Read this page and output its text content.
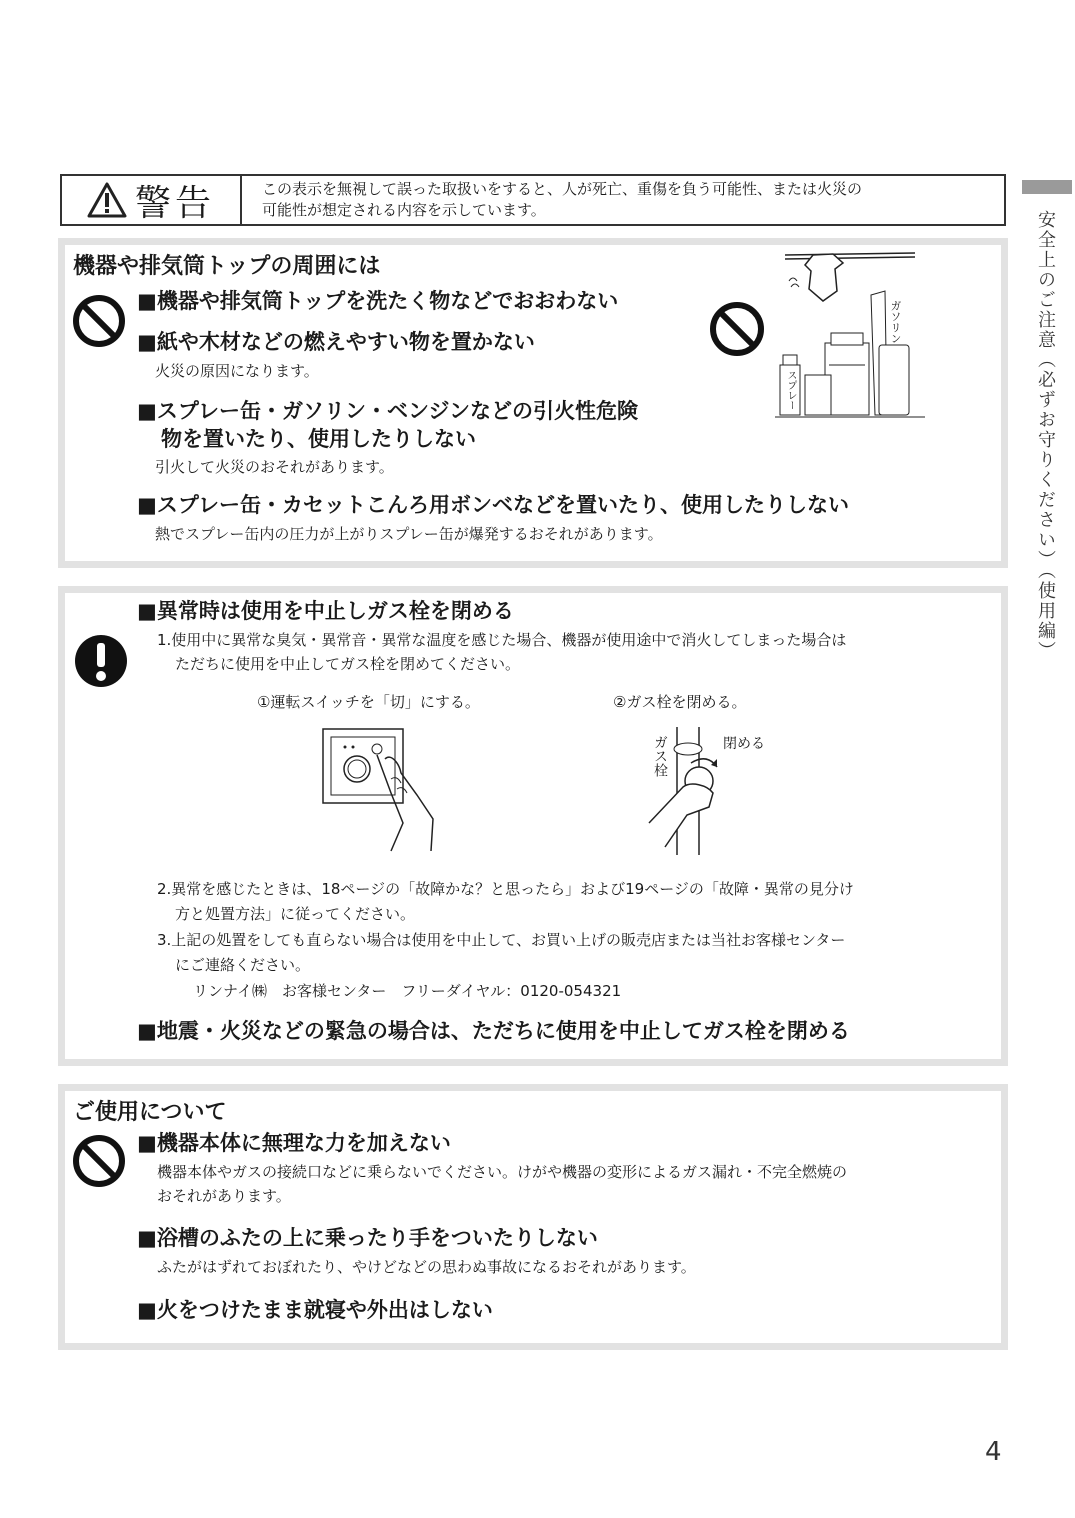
安全上のご注意（必ずお守りください）（使用編）
警告	この表示を無視して誤った取扱いをすると、人が死亡、重傷を負う可能性、または火災の
可能性が想定される内容を示しています。
機器や排気筒トップの周囲には
■機器や排気筒トップを洗たく物などでおおわない
■紙や木材などの燃えやすい物を置かない
火災の原因になります。
■スプレー缶・ガソリン・ベンジンなどの引火性危険
物を置いたり、使用したりしない
引火して火災のおそれがあります。
■スプレー缶・カセットこんろ用ボンベなどを置いたり、使用したりしない
熱でスプレー缶内の圧力が上がりスプレー缶が爆発するおそれがあります。
スプレー
ガソリン
■異常時は使用を中止しガス栓を閉める
1.使用中に異常な臭気・異常音・異常な温度を感じた場合、機器が使用途中で消火してしまった場合は
ただちに使用を中止してガス栓を閉めてください。
①運転スイッチを「切」にする。	②ガス栓を閉める。
ガス栓	閉める
2.異常を感じたときは、18ページの「故障かな？と思ったら」および19ページの「故障・異常の見分け
方と処置方法」に従ってください。
3.上記の処置をしても直らない場合は使用を中止して、お買い上げの販売店または当社お客様センター
にご連絡ください。
リンナイ㈱　お客様センター　フリーダイヤル：0120-054321
■地震・火災などの緊急の場合は、ただちに使用を中止してガス栓を閉める
ご使用について
■機器本体に無理な力を加えない
機器本体やガスの接続口などに乗らないでください。けがや機器の変形によるガス漏れ・不完全燃焼の
おそれがあります。
■浴槽のふたの上に乗ったり手をついたりしない
ふたがはずれておぼれたり、やけどなどの思わぬ事故になるおそれがあります。
■火をつけたまま就寝や外出はしない
4
